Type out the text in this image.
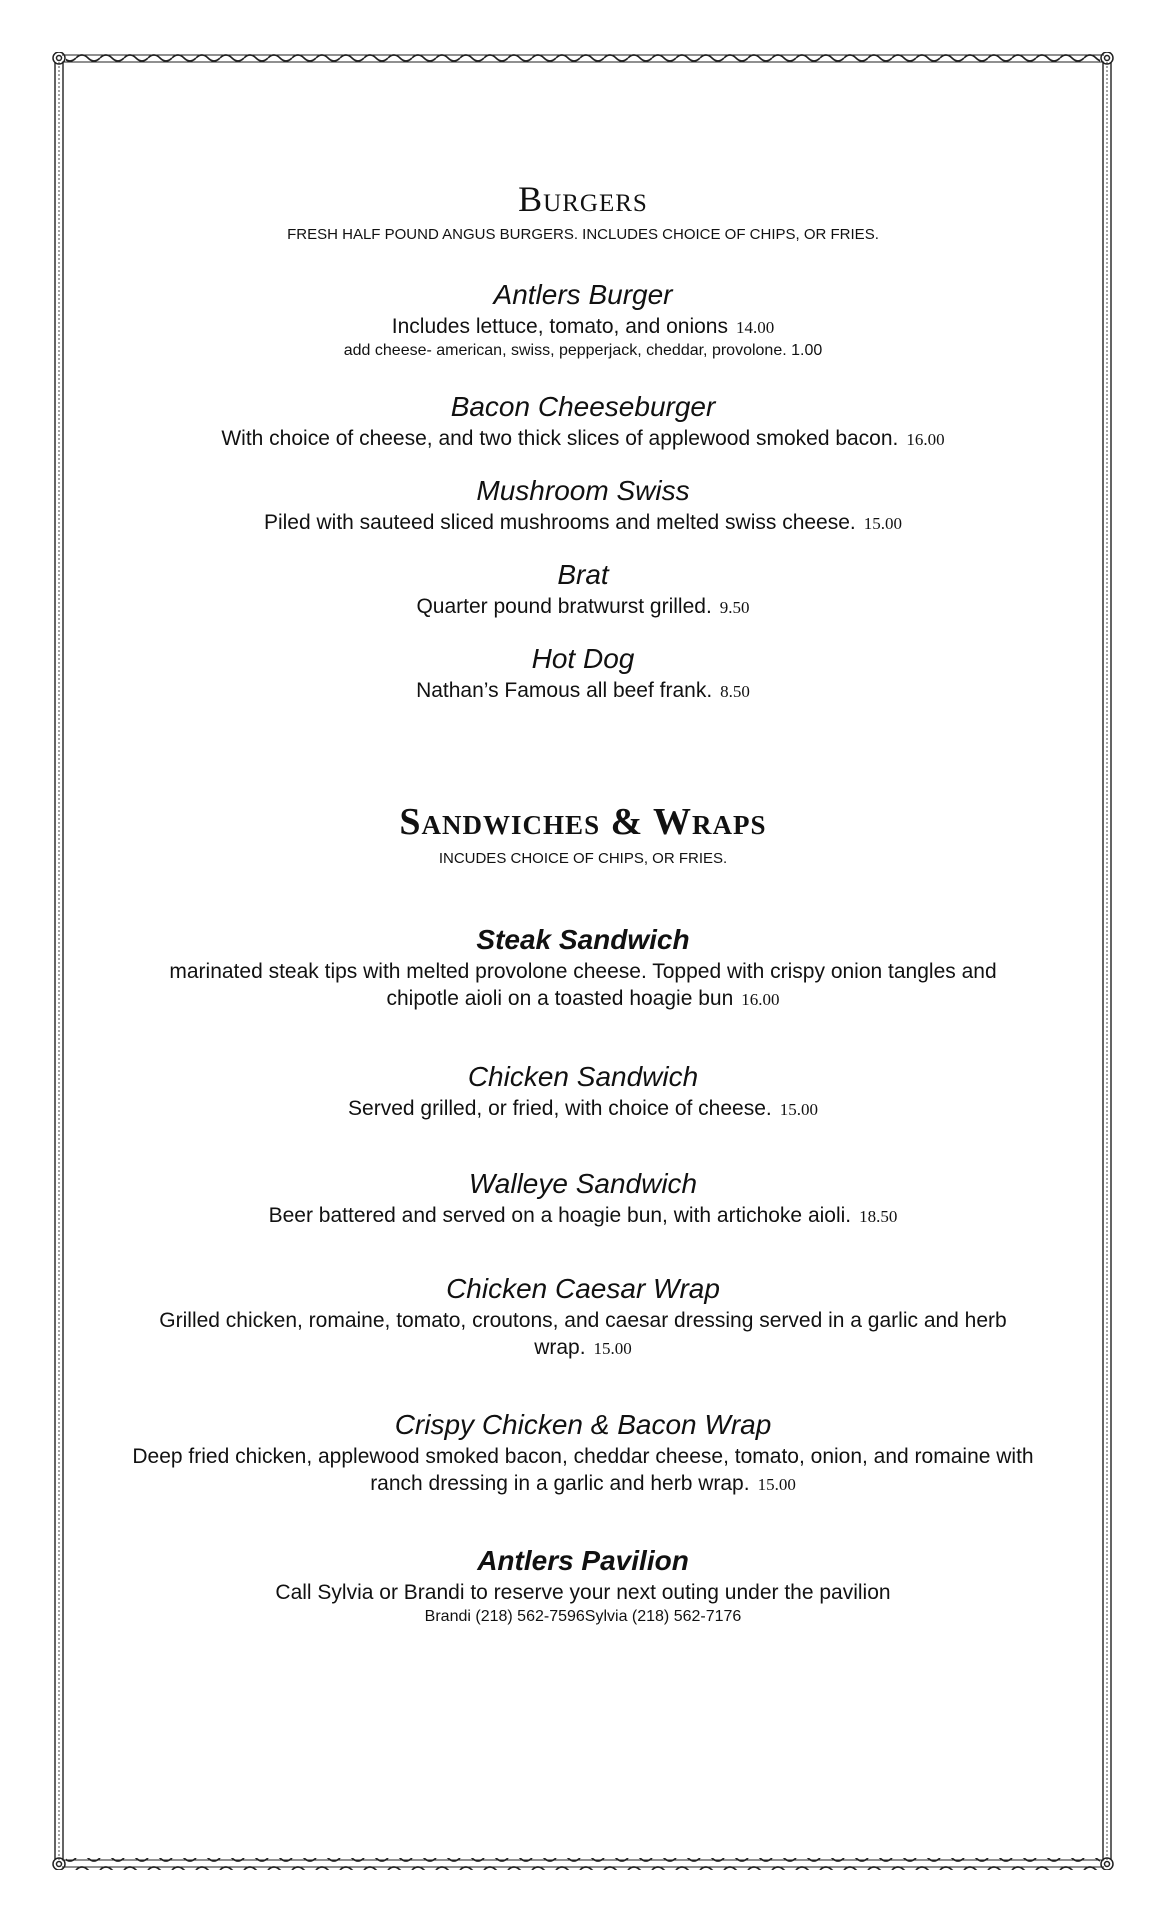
Burgers

FRESH HALF POUND ANGUS BURGERS. INCLUDES CHOICE OF CHIPS, OR FRIES.

Antlers Burger

Includes lettuce, tomato, and onions 14.00

add cheese- american, swiss, pepperjack, cheddar, provolone. 1.00

Bacon Cheeseburger

With choice of cheese, and two thick slices of applewood smoked bacon. 16.00

Mushroom Swiss

Piled with sauteed sliced mushrooms and melted swiss cheese. 15.00

Brat

Quarter pound bratwurst grilled. 9.50

Hot Dog

Nathan’s Famous all beef frank. 8.50

Sandwiches & Wraps

INCUDES CHOICE OF CHIPS, OR FRIES.

Steak Sandwich

marinated steak tips with melted provolone cheese. Topped with crispy onion tangles and
chipotle aioli on a toasted hoagie bun 16.00

Chicken Sandwich

Served grilled, or fried, with choice of cheese. 15.00

Walleye Sandwich

Beer battered and served on a hoagie bun, with artichoke aioli. 18.50

Chicken Caesar Wrap

Grilled chicken, romaine, tomato, croutons, and caesar dressing served in a garlic and herb
wrap. 15.00

Crispy Chicken & Bacon Wrap

Deep fried chicken, applewood smoked bacon, cheddar cheese, tomato, onion, and romaine with
ranch dressing in a garlic and herb wrap. 15.00

Antlers Pavilion

Call Sylvia or Brandi to reserve your next outing under the pavilion

Brandi (218) 562-7596Sylvia (218) 562-7176
